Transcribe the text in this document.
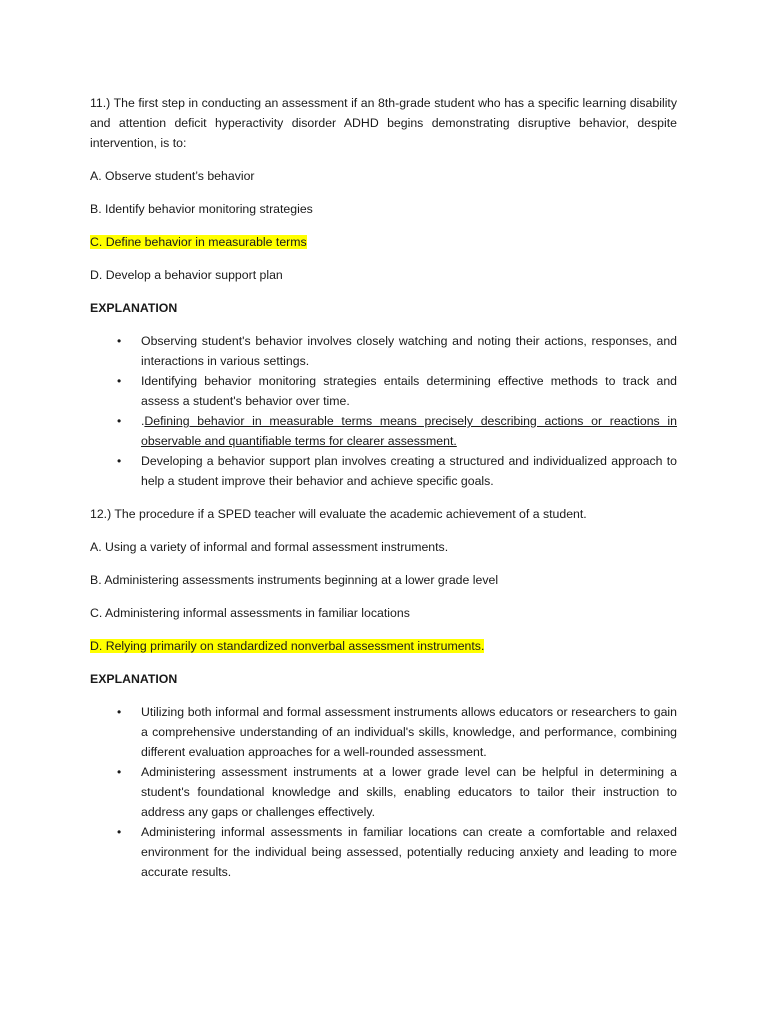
11.) The first step in conducting an assessment if an 8th-grade student who has a specific learning disability and attention deficit hyperactivity disorder ADHD begins demonstrating disruptive behavior, despite intervention, is to:

A. Observe student’s behavior

B. Identify behavior monitoring strategies

C. Define behavior in measurable terms

D. Develop a behavior support plan

EXPLANATION

• Observing student's behavior involves closely watching and noting their actions, responses, and interactions in various settings.
• Identifying behavior monitoring strategies entails determining effective methods to track and assess a student's behavior over time.
• .Defining behavior in measurable terms means precisely describing actions or reactions in observable and quantifiable terms for clearer assessment.
• Developing a behavior support plan involves creating a structured and individualized approach to help a student improve their behavior and achieve specific goals.

12.) The procedure if a SPED teacher will evaluate the academic achievement of a student.

A. Using a variety of informal and formal assessment instruments.

B. Administering assessments instruments beginning at a lower grade level

C. Administering informal assessments in familiar locations

D. Relying primarily on standardized nonverbal assessment instruments.

EXPLANATION

• Utilizing both informal and formal assessment instruments allows educators or researchers to gain a comprehensive understanding of an individual's skills, knowledge, and performance, combining different evaluation approaches for a well-rounded assessment.
• Administering assessment instruments at a lower grade level can be helpful in determining a student's foundational knowledge and skills, enabling educators to tailor their instruction to address any gaps or challenges effectively.
• Administering informal assessments in familiar locations can create a comfortable and relaxed environment for the individual being assessed, potentially reducing anxiety and leading to more accurate results.
